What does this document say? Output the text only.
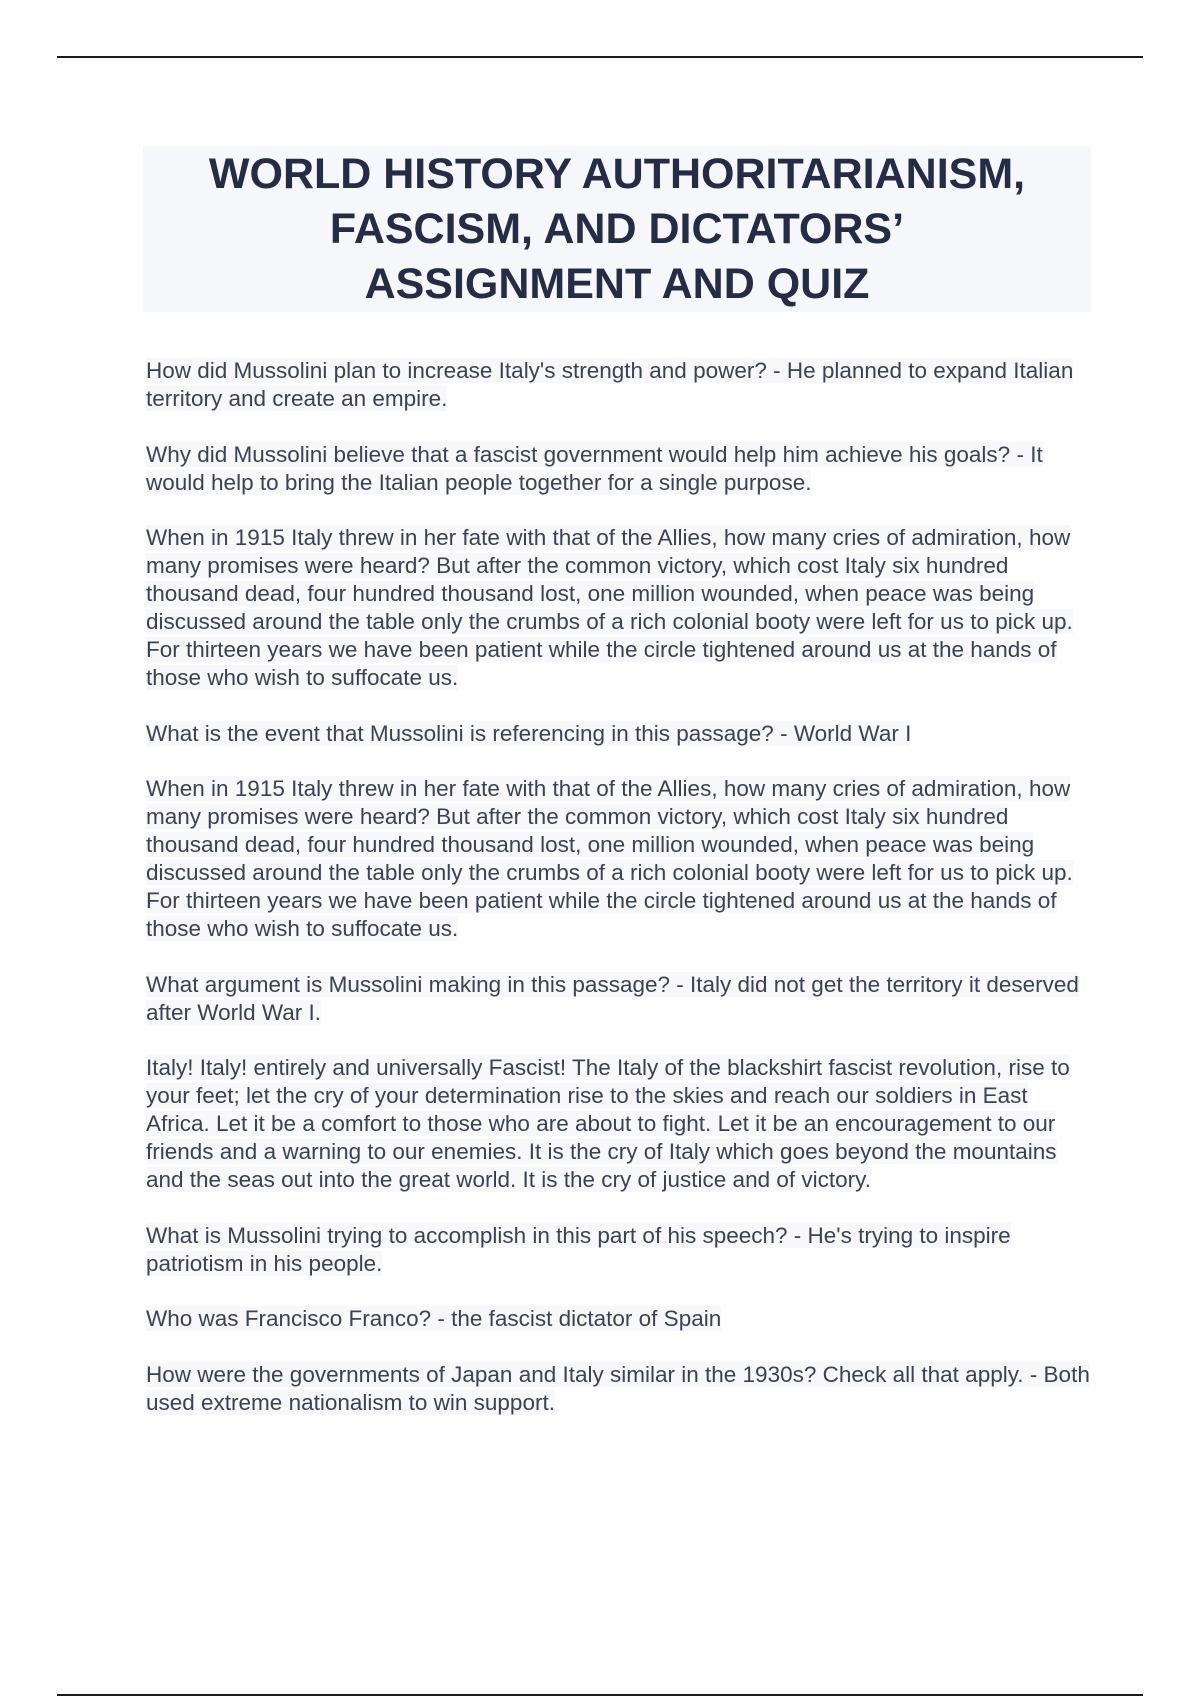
WORLD HISTORY AUTHORITARIANISM,
FASCISM, AND DICTATORS’
ASSIGNMENT AND QUIZ

How did Mussolini plan to increase Italy's strength and power? - He planned to expand Italian territory and create an empire.

Why did Mussolini believe that a fascist government would help him achieve his goals? - It would help to bring the Italian people together for a single purpose.

When in 1915 Italy threw in her fate with that of the Allies, how many cries of admiration, how many promises were heard? But after the common victory, which cost Italy six hundred thousand dead, four hundred thousand lost, one million wounded, when peace was being discussed around the table only the crumbs of a rich colonial booty were left for us to pick up. For thirteen years we have been patient while the circle tightened around us at the hands of those who wish to suffocate us.

What is the event that Mussolini is referencing in this passage? - World War I

When in 1915 Italy threw in her fate with that of the Allies, how many cries of admiration, how many promises were heard? But after the common victory, which cost Italy six hundred thousand dead, four hundred thousand lost, one million wounded, when peace was being discussed around the table only the crumbs of a rich colonial booty were left for us to pick up. For thirteen years we have been patient while the circle tightened around us at the hands of those who wish to suffocate us.

What argument is Mussolini making in this passage? - Italy did not get the territory it deserved after World War I.

Italy! Italy! entirely and universally Fascist! The Italy of the blackshirt fascist revolution, rise to your feet; let the cry of your determination rise to the skies and reach our soldiers in East Africa. Let it be a comfort to those who are about to fight. Let it be an encouragement to our friends and a warning to our enemies. It is the cry of Italy which goes beyond the mountains and the seas out into the great world. It is the cry of justice and of victory.

What is Mussolini trying to accomplish in this part of his speech? - He's trying to inspire patriotism in his people.

Who was Francisco Franco? - the fascist dictator of Spain

How were the governments of Japan and Italy similar in the 1930s? Check all that apply. - Both used extreme nationalism to win support.
